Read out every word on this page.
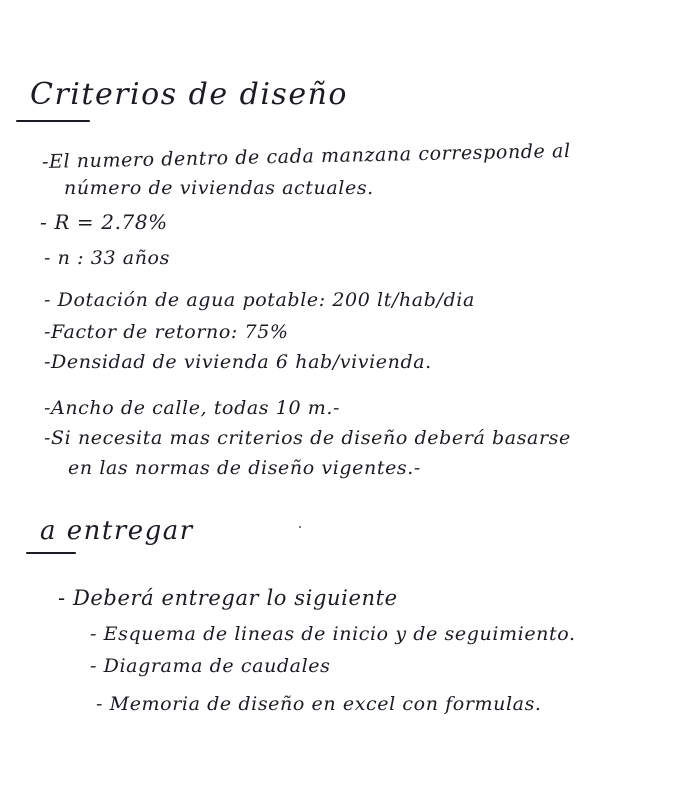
Criterios de diseño
-El numero dentro de cada manzana corresponde al
número de viviendas actuales.
- R = 2.78%
- n : 33 años
- Dotación de agua potable: 200 lt/hab/dia
-Factor de retorno: 75%
-Densidad de vivienda 6 hab/vivienda.
-Ancho de calle, todas 10 m.-
-Si necesita mas criterios de diseño deberá basarse
en las normas de diseño vigentes.-
a entregar
- Deberá entregar lo siguiente
- Esquema de lineas de inicio y de seguimiento.
- Diagrama de caudales
- Memoria de diseño en excel con formulas.
